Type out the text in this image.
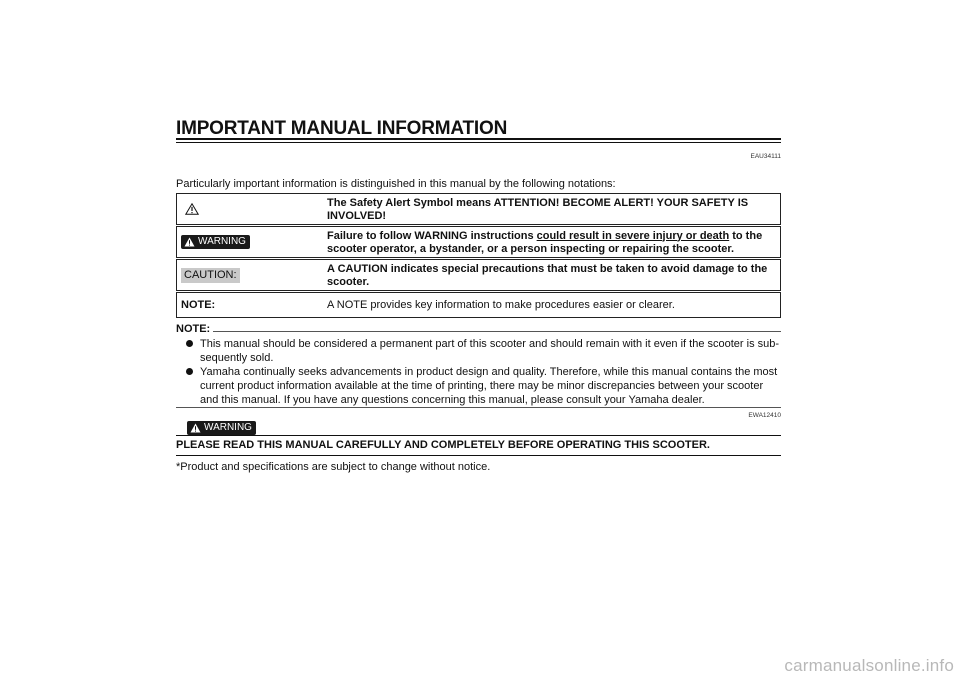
IMPORTANT MANUAL INFORMATION
EAU34111
Particularly important information is distinguished in this manual by the following notations:
The Safety Alert Symbol means ATTENTION! BECOME ALERT! YOUR SAFETY IS INVOLVED!
WARNING	Failure to follow WARNING instructions could result in severe injury or death to the scooter operator, a bystander, or a person inspecting or repairing the scooter.
CAUTION:	A CAUTION indicates special precautions that must be taken to avoid damage to the scooter.
NOTE:	A NOTE provides key information to make procedures easier or clearer.
NOTE:
This manual should be considered a permanent part of this scooter and should remain with it even if the scooter is sub-sequently sold.
Yamaha continually seeks advancements in product design and quality. Therefore, while this manual contains the most current product information available at the time of printing, there may be minor discrepancies between your scooter and this manual. If you have any questions concerning this manual, please consult your Yamaha dealer.
EWA12410
WARNING
PLEASE READ THIS MANUAL CAREFULLY AND COMPLETELY BEFORE OPERATING THIS SCOOTER.
*Product and specifications are subject to change without notice.
carmanualsonline.info
